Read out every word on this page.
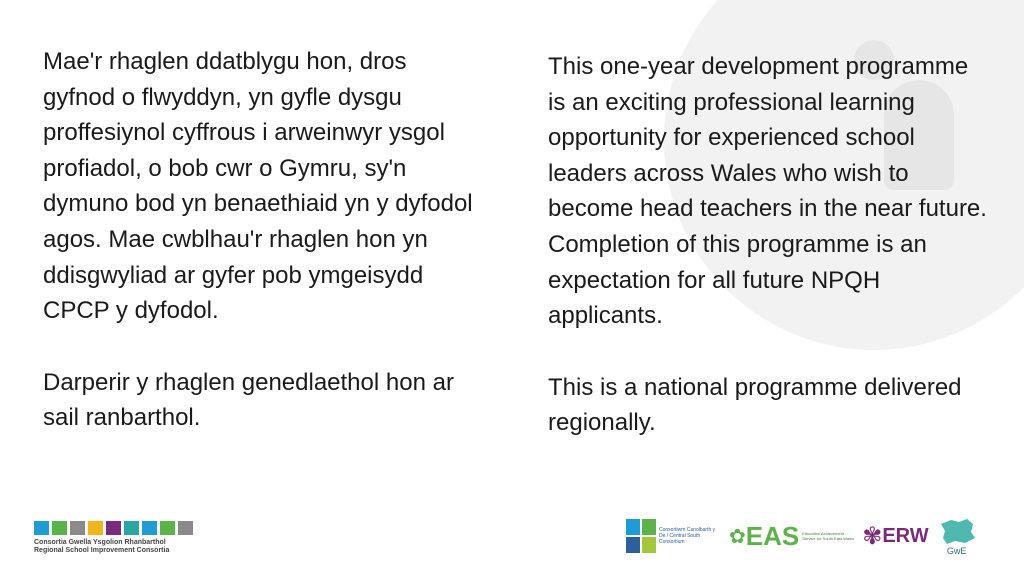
Mae'r rhaglen ddatblygu hon, dros gyfnod o flwyddyn, yn gyfle dysgu proffesiynol cyffrous i arweinwyr ysgol profiadol, o bob cwr o Gymru, sy'n dymuno bod yn benaethiaid yn y dyfodol agos. Mae cwblhau'r rhaglen hon yn ddisgwyliad ar gyfer pob ymgeisydd CPCP y dyfodol.

Darperir y rhaglen genedlaethol hon ar sail ranbarthol.

This one-year development programme is an exciting professional learning opportunity for experienced school leaders across Wales who wish to become head teachers in the near future. Completion of this programme is an expectation for all future NPQH applicants.

This is a national programme delivered regionally.

Consortia Gwella Ysgolion Rhanbarthol
Regional School Improvement Consortia
Consortiwm Canolbarth y De / Central South Consortium	✿ EAS Education Achievement Service for South East Wales ✾ ERW
GwE
